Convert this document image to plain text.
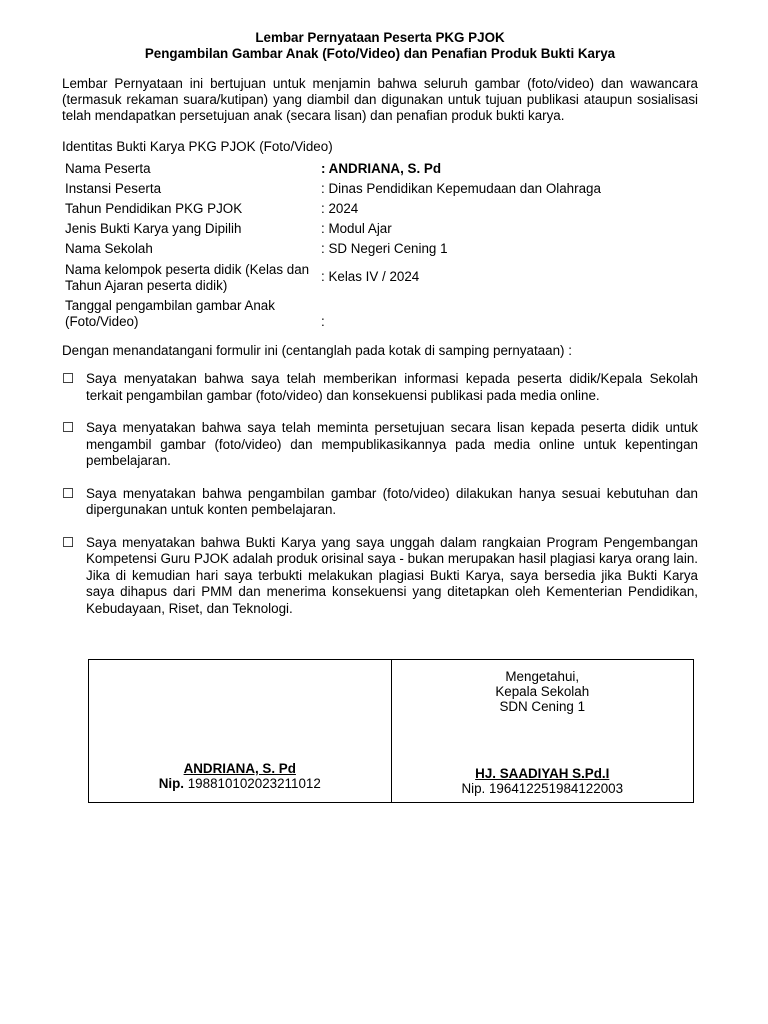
Lembar Pernyataan Peserta PKG PJOK
Pengambilan Gambar Anak (Foto/Video) dan Penafian Produk Bukti Karya
Lembar Pernyataan ini bertujuan untuk menjamin bahwa seluruh gambar (foto/video) dan wawancara (termasuk rekaman suara/kutipan) yang diambil dan digunakan untuk tujuan publikasi ataupun sosialisasi telah mendapatkan persetujuan anak (secara lisan) dan penafian produk bukti karya.
Identitas Bukti Karya PKG PJOK (Foto/Video)
Nama Peserta	: ANDRIANA, S. Pd
Instansi Peserta	: Dinas Pendidikan Kepemudaan dan Olahraga
Tahun Pendidikan PKG PJOK	: 2024
Jenis Bukti Karya yang Dipilih	: Modul Ajar
Nama Sekolah	: SD Negeri Cening 1
Nama kelompok peserta didik (Kelas dan Tahun Ajaran peserta didik)	: Kelas IV / 2024
Tanggal pengambilan gambar Anak (Foto/Video)	:
Dengan menandatangani formulir ini (centanglah pada kotak di samping pernyataan) :
☐ Saya menyatakan bahwa saya telah memberikan informasi kepada peserta didik/Kepala Sekolah terkait pengambilan gambar (foto/video) dan konsekuensi publikasi pada media online.
☐ Saya menyatakan bahwa saya telah meminta persetujuan secara lisan kepada peserta didik untuk mengambil gambar (foto/video) dan mempublikasikannya pada media online untuk kepentingan pembelajaran.
☐ Saya menyatakan bahwa pengambilan gambar (foto/video) dilakukan hanya sesuai kebutuhan dan dipergunakan untuk konten pembelajaran.
☐ Saya menyatakan bahwa Bukti Karya yang saya unggah dalam rangkaian Program Pengembangan Kompetensi Guru PJOK adalah produk orisinal saya - bukan merupakan hasil plagiasi karya orang lain. Jika di kemudian hari saya terbukti melakukan plagiasi Bukti Karya, saya bersedia jika Bukti Karya saya dihapus dari PMM dan menerima konsekuensi yang ditetapkan oleh Kementerian Pendidikan, Kebudayaan, Riset, dan Teknologi.
ANDRIANA, S. Pd
Nip. 198810102023211012
Mengetahui,
Kepala Sekolah
SDN Cening 1
HJ. SAADIYAH S.Pd.I
Nip. 196412251984122003
